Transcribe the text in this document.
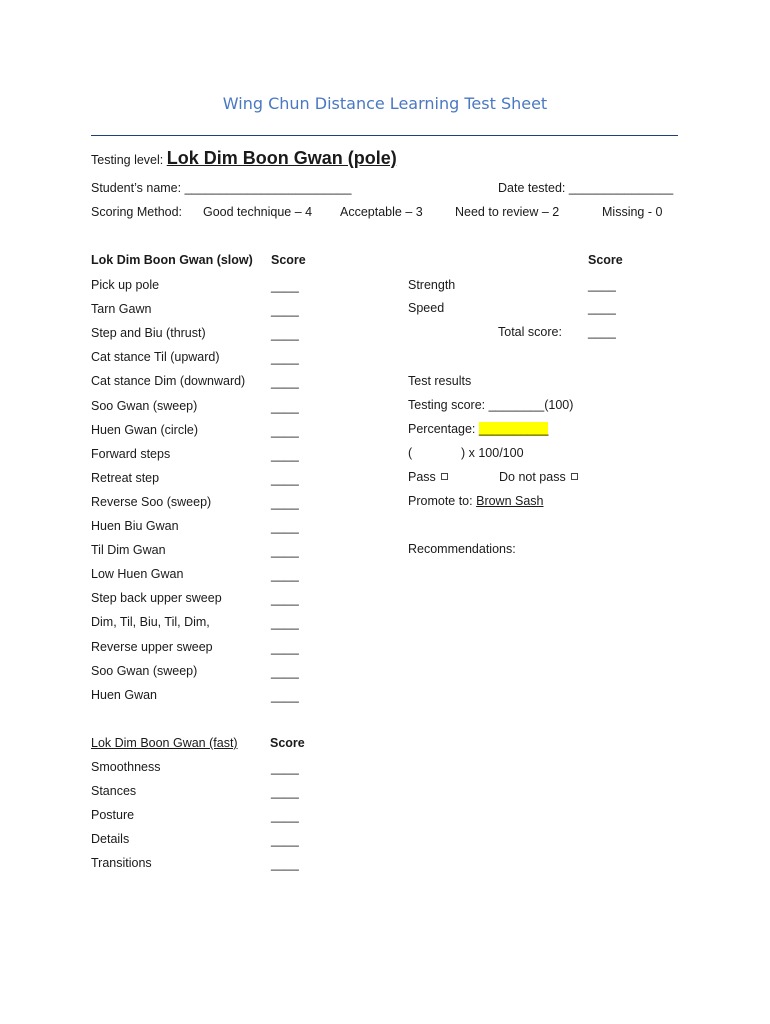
Wing Chun Distance Learning Test Sheet
Testing level: Lok Dim Boon Gwan (pole)
Student’s name: ________________________	Date tested: _______________
Scoring Method: Good technique – 4 Acceptable – 3	Need to review – 2	Missing - 0
Lok Dim Boon Gwan (slow) Score	Score
Pick up pole	____
Tarn Gawn	____
Step and Biu (thrust)	____
Cat stance Til (upward)	____
Cat stance Dim (downward) ____
Soo Gwan (sweep)	____
Huen Gwan (circle)	____
Forward steps	____
Retreat step	____
Reverse Soo (sweep)	____
Huen Biu Gwan	____
Til Dim Gwan	____
Low Huen Gwan	____
Step back upper sweep	____
Dim, Til, Biu, Til, Dim,	____
Reverse upper sweep	____
Soo Gwan (sweep)	____
Huen Gwan	____
Strength	____
Speed	____
Total score: ____
Test results
Testing score: ________(100)
Percentage: __________
(	) x 100/100
Pass	Do not pass
Promote to: Brown Sash
Recommendations:
Lok Dim Boon Gwan (fast)	Score
Smoothness	____
Stances	____
Posture	____
Details	____
Transitions	____
